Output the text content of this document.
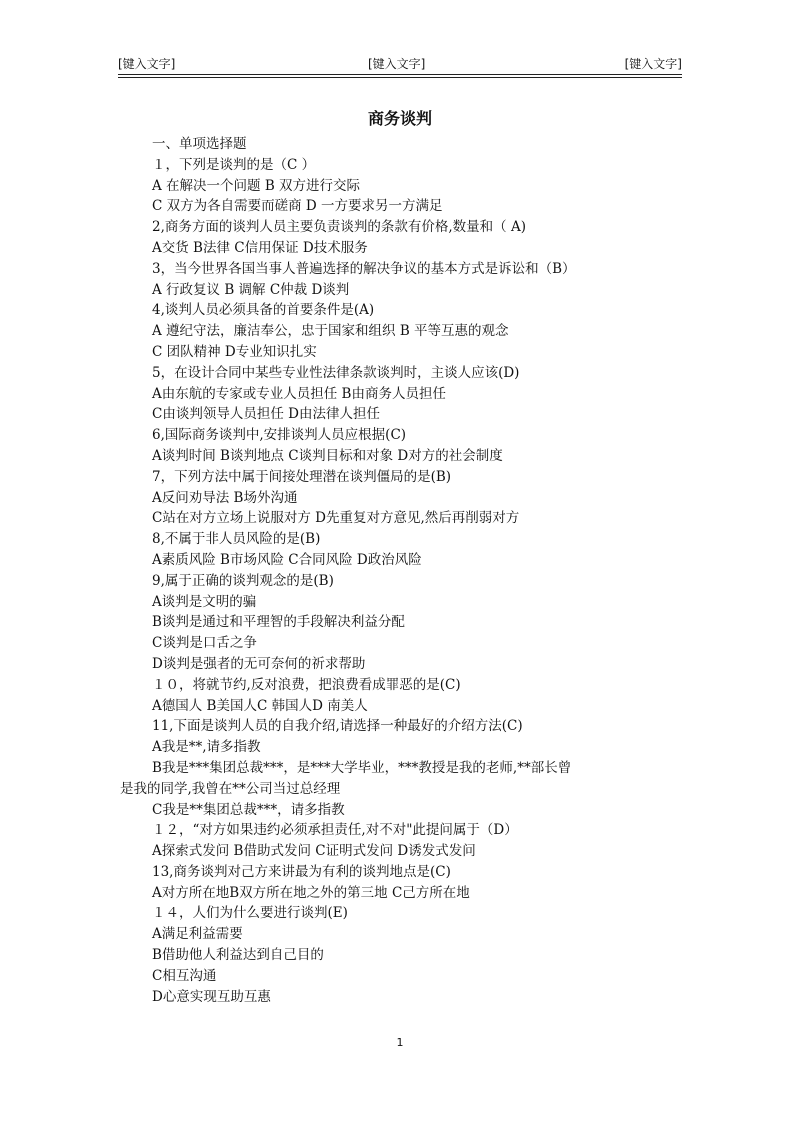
[键入文字]	[键入文字]	[键入文字]
商务谈判
一、单项选择题
１，下列是谈判的是（C ）
A 在解决一个问题 B 双方进行交际
C 双方为各自需要而磋商 D 一方要求另一方满足
2,商务方面的谈判人员主要负责谈判的条款有价格,数量和（ A)
A交货 B法律 C信用保证 D技术服务
3，当今世界各国当事人普遍选择的解决争议的基本方式是诉讼和（B）
A 行政复议 B 调解 C仲裁 D谈判
4,谈判人员必须具备的首要条件是(A)
A 遵纪守法，廉洁奉公，忠于国家和组织 B 平等互惠的观念
C 团队精神 D专业知识扎实
5，在设计合同中某些专业性法律条款谈判时，主谈人应该(D)
A由东航的专家或专业人员担任 B由商务人员担任
C由谈判领导人员担任 D由法律人担任
6,国际商务谈判中,安排谈判人员应根据(C)
A谈判时间 B谈判地点 C谈判目标和对象 D对方的社会制度
7，下列方法中属于间接处理潜在谈判僵局的是(B)
A反问劝导法 B场外沟通
C站在对方立场上说服对方 D先重复对方意见,然后再削弱对方
8,不属于非人员风险的是(B)
A素质风险 B市场风险 C合同风险 D政治风险
9,属于正确的谈判观念的是(B)
A谈判是文明的骗
B谈判是通过和平理智的手段解决利益分配
C谈判是口舌之争
D谈判是强者的无可奈何的祈求帮助
１０，将就节约,反对浪费，把浪费看成罪恶的是(C)
A德国人 B美国人C 韩国人D 南美人
11,下面是谈判人员的自我介绍,请选择一种最好的介绍方法(C)
A我是**,请多指教
B我是***集团总裁***，是***大学毕业，***教授是我的老师,**部长曾
是我的同学,我曾在**公司当过总经理
C我是**集团总裁***，请多指教
１２，“对方如果违约必须承担责任,对不对"此提问属于（D）
A探索式发问 B借助式发问 C证明式发问 D诱发式发问
13,商务谈判对己方来讲最为有利的谈判地点是(C)
A对方所在地B双方所在地之外的第三地 C己方所在地
１４，人们为什么要进行谈判(E)
A满足利益需要
B借助他人利益达到自己目的
C相互沟通
D心意实现互助互惠
1
